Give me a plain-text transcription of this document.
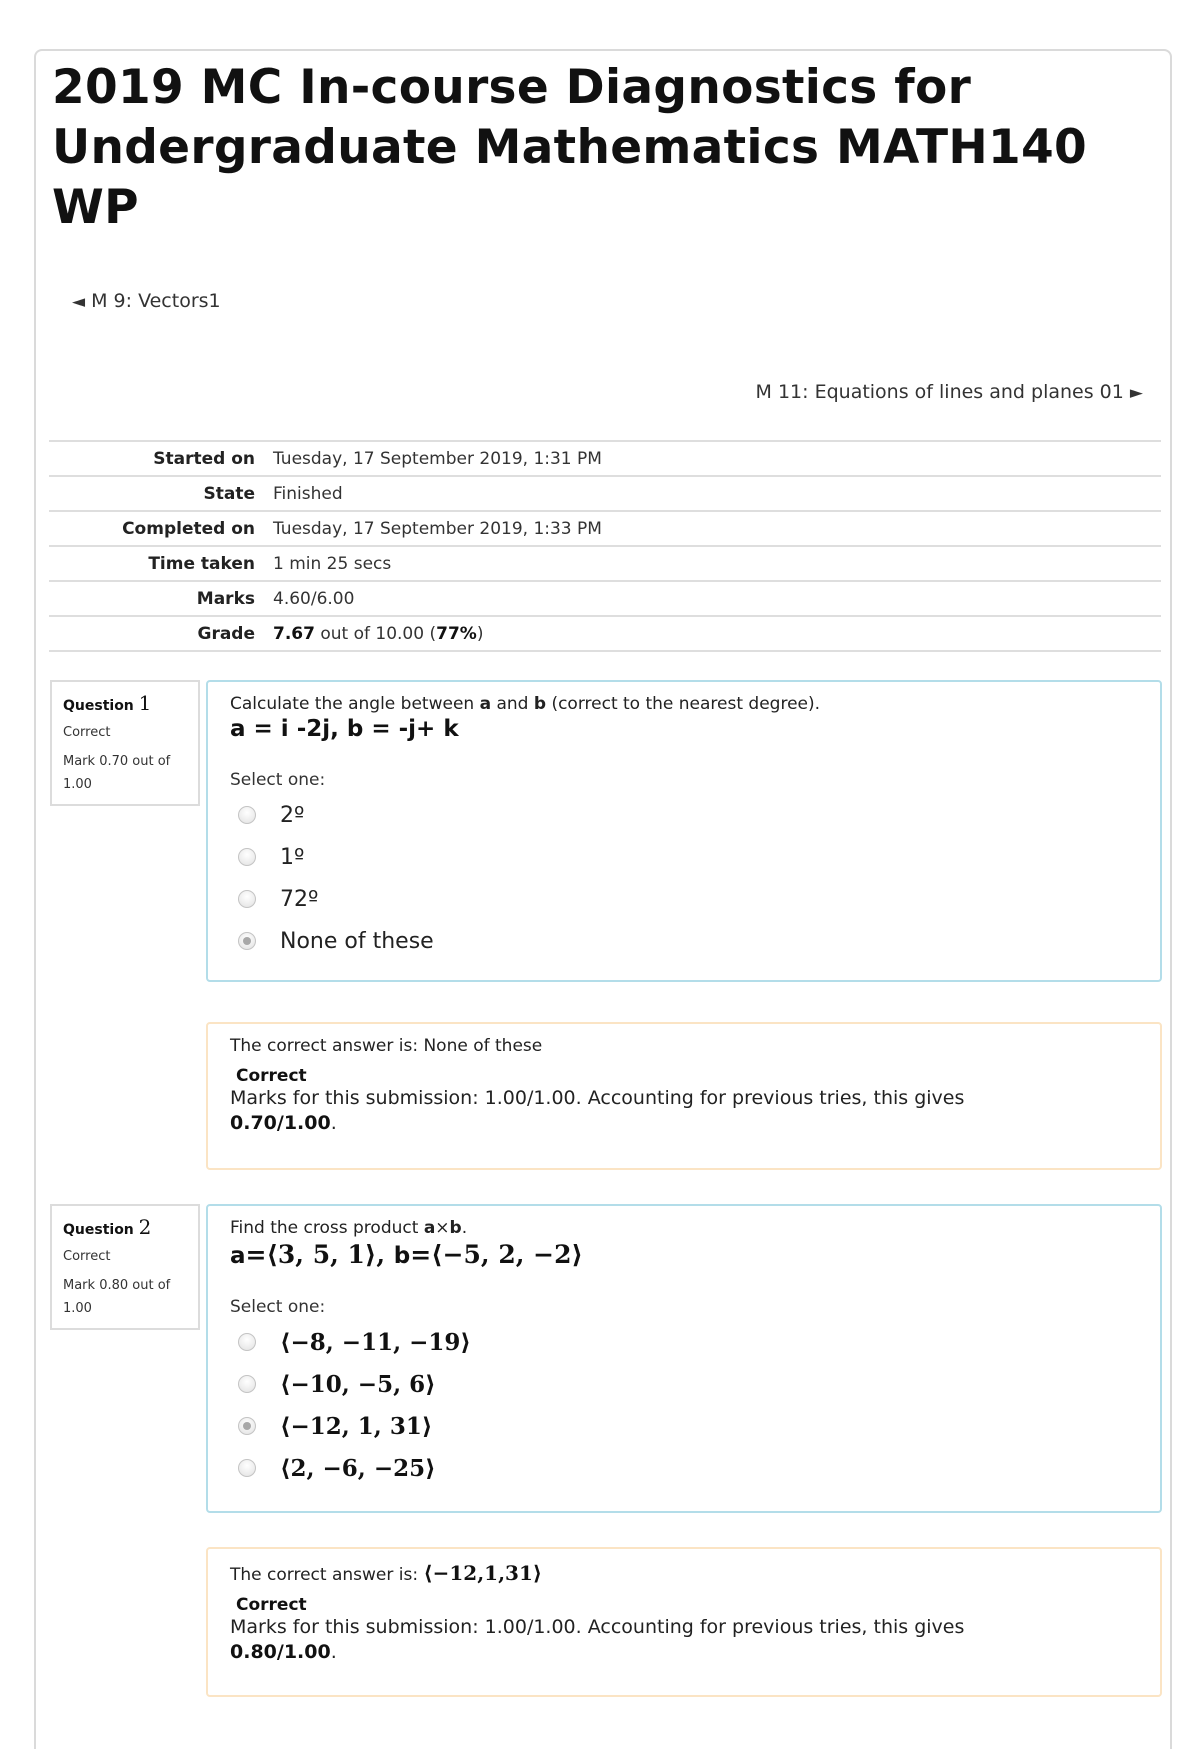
2019 MC In-course Diagnostics for Undergraduate Mathematics MATH140 WP
◄ M 9: Vectors1
M 11: Equations of lines and planes 01 ►
Started on	Tuesday, 17 September 2019, 1:31 PM
State	Finished
Completed on	Tuesday, 17 September 2019, 1:33 PM
Time taken	1 min 25 secs
Marks	4.60/6.00
Grade	7.67 out of 10.00 (77%)
Question 1
Correct
Mark 0.70 out of 1.00
Calculate the angle between a and b (correct to the nearest degree).
a = i -2j, b = -j+ k
Select one:
2º
1º
72º
None of these
The correct answer is: None of these
Correct
Marks for this submission: 1.00/1.00. Accounting for previous tries, this gives
0.70/1.00.
Question 2
Correct
Mark 0.80 out of 1.00
Find the cross product a×b.
a=⟨3, 5, 1⟩, b=⟨−5, 2, −2⟩
Select one:
⟨−8, −11, −19⟩
⟨−10, −5, 6⟩
⟨−12, 1, 31⟩
⟨2, −6, −25⟩
The correct answer is: ⟨−12,1,31⟩
Correct
Marks for this submission: 1.00/1.00. Accounting for previous tries, this gives
0.80/1.00.
